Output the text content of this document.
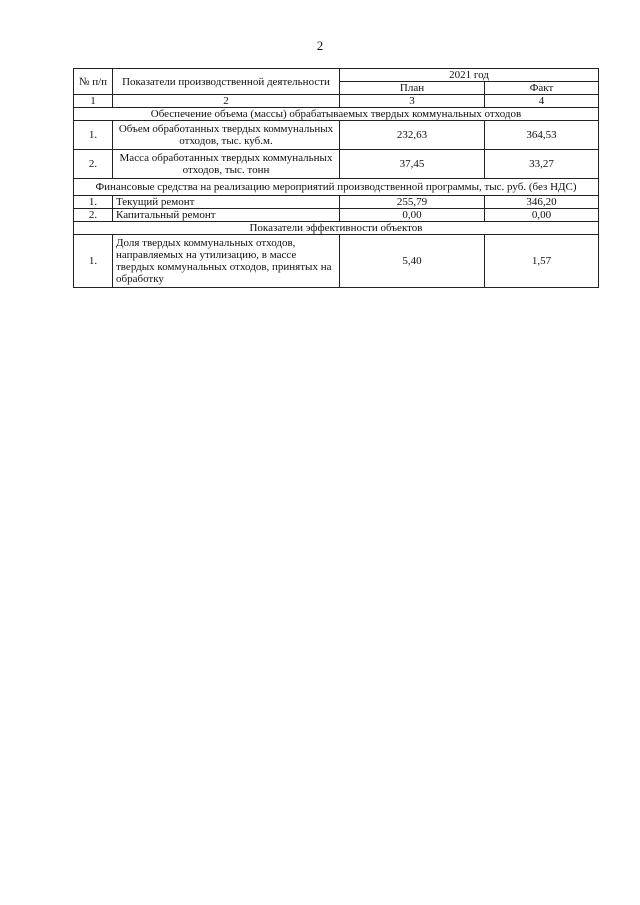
2
№ п/п	Показатели производственной деятельности	2021 год	
		План	Факт
1	2	3	4
Обеспечение объема (массы) обрабатываемых твердых коммунальных отходов			
1.	Объем обработанных твердых коммунальных отходов, тыс. куб.м.	232,63	364,53
2.	Масса обработанных твердых коммунальных отходов, тыс. тонн	37,45	33,27
Финансовые средства на реализацию мероприятий производственной программы, тыс. руб. (без НДС)			
1.	Текущий ремонт	255,79	346,20
2.	Капитальный ремонт	0,00	0,00
Показатели эффективности объектов			
1.	Доля твердых коммунальных отходов, направляемых на утилизацию, в массе твердых коммунальных отходов, принятых на обработку	5,40	1,57
